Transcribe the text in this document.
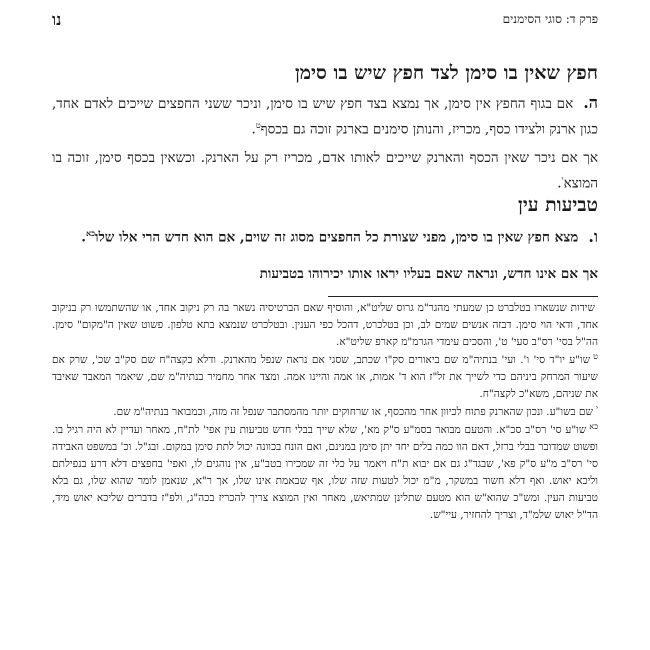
פרק ד: סוגי הסימנים
נו
חפץ שאין בו סימן לצד חפץ שיש בו סימן

ה.אם בגוף החפץ אין סימן, אך נמצא בצד חפץ שיש בו סימן, וניכר ששני החפצים שייכים לאדם אחד, כגון ארנק ולצידו כסף, מכריז, והנותן סימנים בארנק זוכה גם בכסף$^ט$.

אך אם ניכר שאין הכסף והארנק שייכים לאותו אדם, מכריז רק על הארנק. וכשאין בכסף סימן, זוכה בו המוצא$^י$.

טביעות עין

ו.מצא חפץ שאין בו סימן, מפני שצורת כל החפצים מסוג זה שוים, אם הוא חדש הרי אלו שלו$^{כא}$.

אך אם אינו חדש, ונראה שאם בעליו יראו אותו יכירוהו בטביעות

שידות שנשארו בטלברט כן שמעתי מהגר"מ גרוס שליט"א, והוסיף שאם הברטיסיה נשאר בה רק ניקוב אחד, או שהשתמשו רק בניקוב אחד, ודאי הוי סימן. דבזה אנשים שמים לב, וכן בטלכרט, דהכל כפי הענין. ובטלכרט שנמצא בתא טלפון. פשוט שאין ה"מקום" סימן. הה"ל בסי' רס"ב סעי' ט', והסכים עימדי הגרמ"מ קארפ שליט"א.

$^ט$שו"ע יו"ד סי' ו'. ועי' בנתיה"מ שם ביאורים סק"ו שכתב, שסגי אם נראה שנפל מהארנק. ודלא כקצה"ח שם סק"ב שכ', שרק אם שיעור המרחק ביניהם כדי לשייך את זל"ז הוא ד' אמות, או אמה והיינו אמה. ומצד אחר מחמיר בנתיה"מ שם, שיאמר המאבד שאיבד את שניהם, משא"כ לקצה"ח.

$^י$שם בשו"ע. ונכון שהארנק פתוח לכיוון אחר מהכסף, או שרחוקים יותר מהמסתבר שנפל זה מזה, וכמבואר בנתיה"מ שם.

$^{כא}$שו"ע סי' רס"ב סכ"א. והטעם מבואר בסמ"ע ס"ק מא', שלא שייך בבלי חדש טביעות עין אפי' לת"ח, מאחר ועדיין לא היה רגיל בו. ופשוט שמדובר בבלי ברזל, דאם הוו כמה בלים יחד יתן סימן במנינם, ואם הונח בכוונה יכול לתת סימן במקום. ובג"ל. וכ' במשפט האבידה סי' רס"ב מ"ע ס"ק פא', שבגד"ג גם אם יבוא ת"ח ויאמר על כלי זה שמכירו בטב"ע, אין נוהגים לו, ואפי' בחפצים דלא דרע בנפילתם וליכא יאוש. ואף דלא חשוד במשקר, מ"מ יכול לטעות שזה שלו, אף שבאמת אינו שלו, אך ר"א, שנאמן לומר שהוא שלו, גם בלא טביעות העין. ומש"כ שהוא"ש הוא מטעם שתלינן שמתיאש, מאחר ואין המוצא צריך להכריז בכה"ג, ולפ"ז בדברים שליכא יאוש מיד, הד"ל יאוש שלמ"ד, וצריך להחזיר, עיי"ש.
